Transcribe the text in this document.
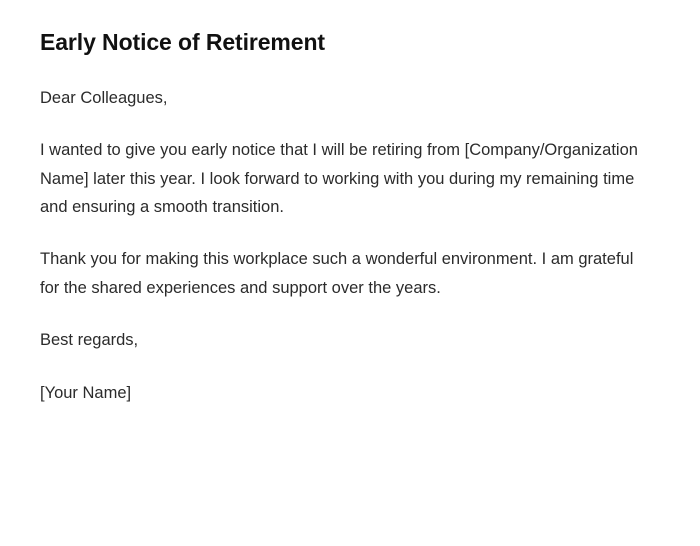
Early Notice of Retirement

Dear Colleagues,

I wanted to give you early notice that I will be retiring from [Company/Organization Name] later this year. I look forward to working with you during my remaining time and ensuring a smooth transition.

Thank you for making this workplace such a wonderful environment. I am grateful for the shared experiences and support over the years.

Best regards,

[Your Name]
